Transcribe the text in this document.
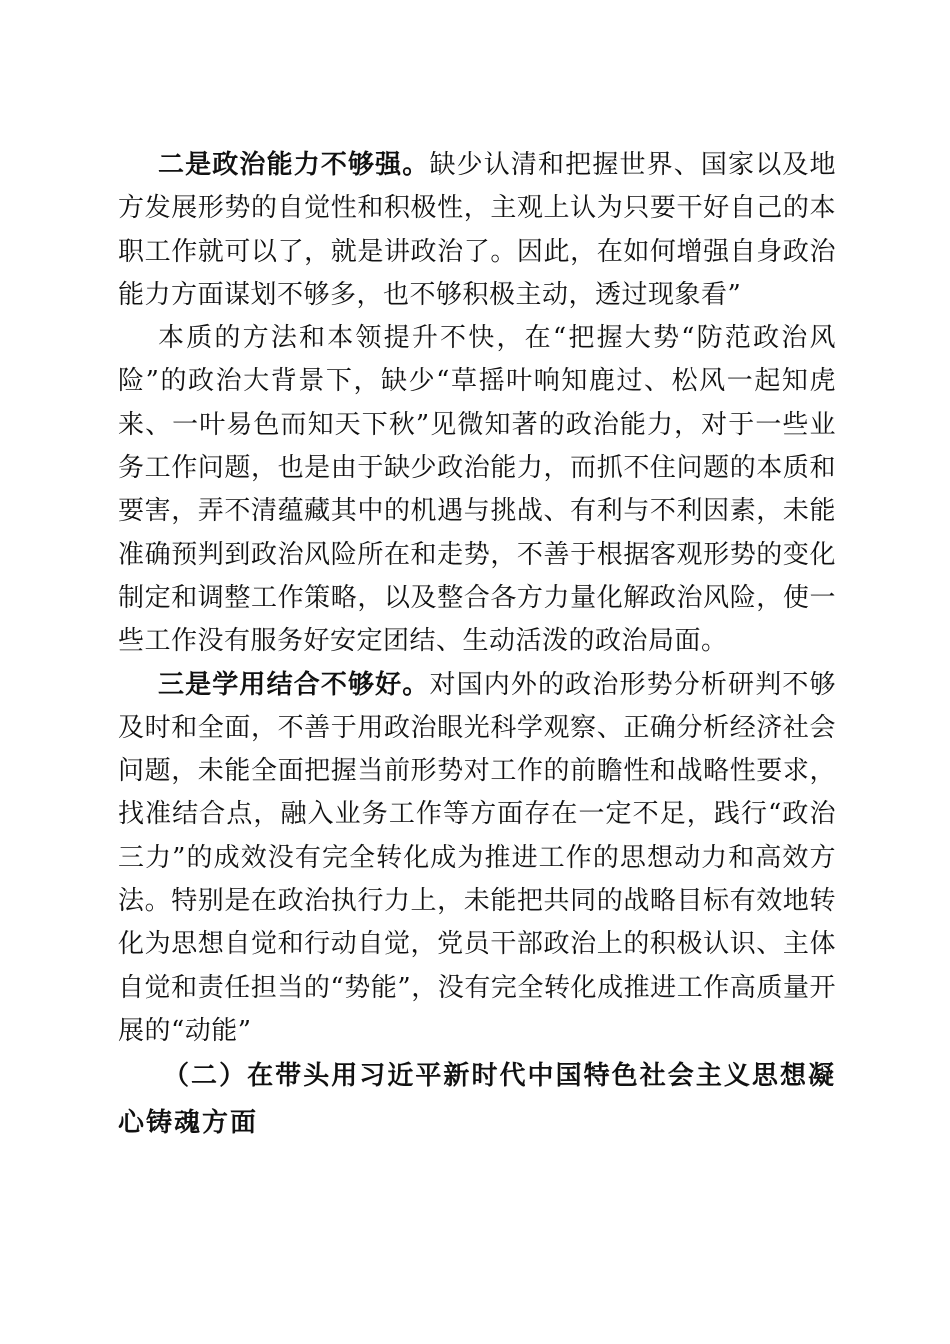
二是政治能力不够强。缺少认清和把握世界、国家以及地方发展形势的自觉性和积极性，主观上认为只要干好自己的本职工作就可以了，就是讲政治了。因此，在如何增强自身政治能力方面谋划不够多，也不够积极主动，透过现象看”

本质的方法和本领提升不快，在“把握大势“防范政治风险”的政治大背景下，缺少“草摇叶响知鹿过、松风一起知虎来、一叶易色而知天下秋”见微知著的政治能力，对于一些业务工作问题，也是由于缺少政治能力，而抓不住问题的本质和要害，弄不清蕴藏其中的机遇与挑战、有利与不利因素，未能准确预判到政治风险所在和走势，不善于根据客观形势的变化制定和调整工作策略，以及整合各方力量化解政治风险，使一些工作没有服务好安定团结、生动活泼的政治局面。

三是学用结合不够好。对国内外的政治形势分析研判不够及时和全面，不善于用政治眼光科学观察、正确分析经济社会问题，未能全面把握当前形势对工作的前瞻性和战略性要求，找准结合点，融入业务工作等方面存在一定不足，践行“政治三力”的成效没有完全转化成为推进工作的思想动力和高效方法。特别是在政治执行力上，未能把共同的战略目标有效地转化为思想自觉和行动自觉，党员干部政治上的积极认识、主体自觉和责任担当的“势能”，没有完全转化成推进工作高质量开展的“动能”

（二）在带头用习近平新时代中国特色社会主义思想凝心铸魂方面
